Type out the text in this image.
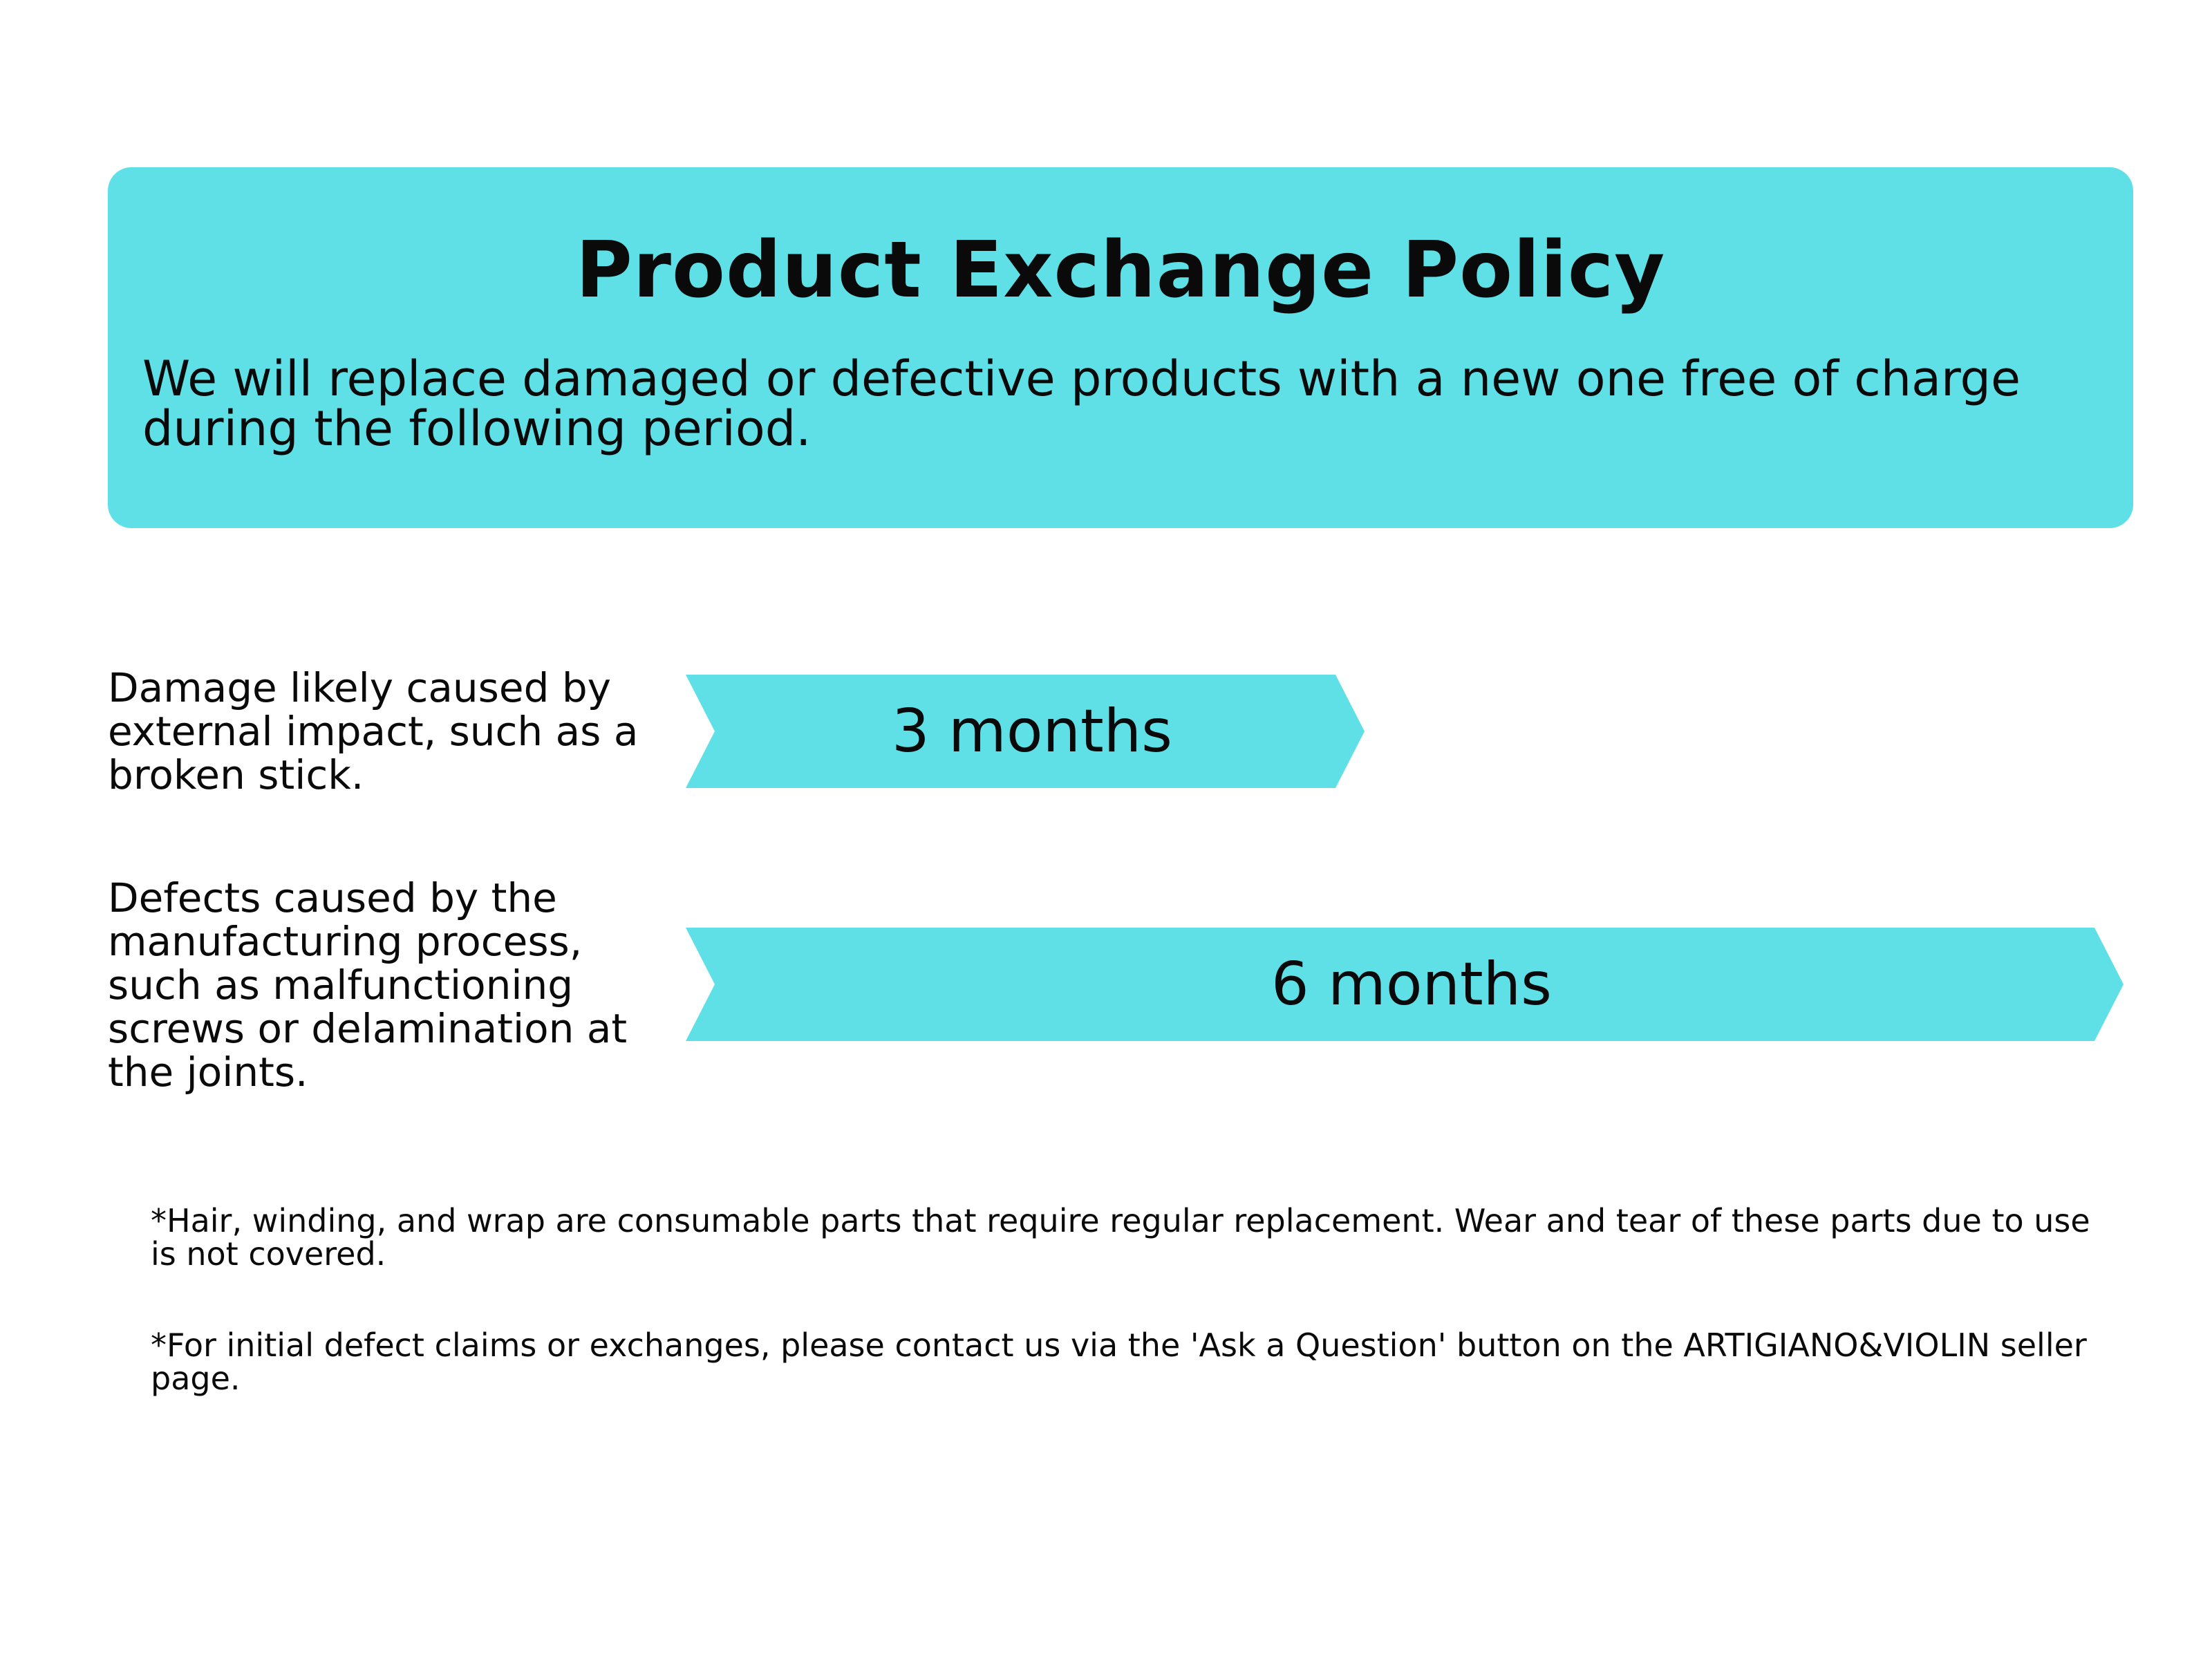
Product Exchange Policy

We will replace damaged or defective products with a new one free of charge during the following period.

Damage likely caused by external impact, such as a broken stick.

3 months

Defects caused by the manufacturing process, such as malfunctioning screws or delamination at the joints.

6 months

*Hair, winding, and wrap are consumable parts that require regular replacement. Wear and tear of these parts due to use is not covered.

*For initial defect claims or exchanges, please contact us via the 'Ask a Question' button on the ARTIGIANO&VIOLIN seller page.
